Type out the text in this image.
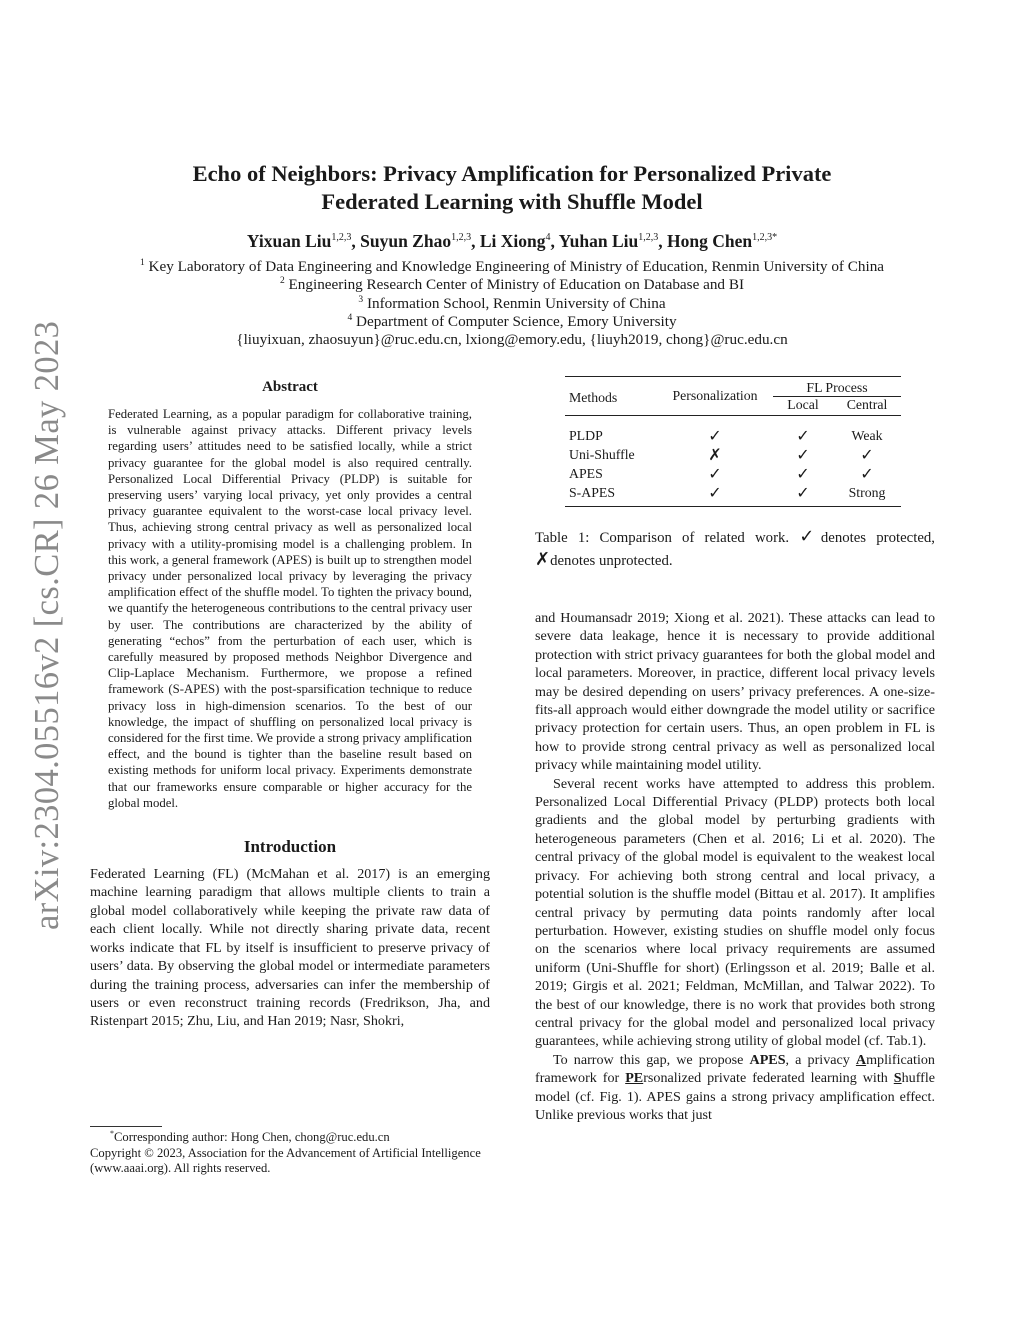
arXiv:2304.05516v2 [cs.CR] 26 May 2023
Echo of Neighbors: Privacy Amplification for Personalized Private
Federated Learning with Shuffle Model
Yixuan Liu$^{1,2,3}$, Suyun Zhao$^{1,2,3}$, Li Xiong$^4$, Yuhan Liu$^{1,2,3}$, Hong Chen$^{1,2,3*}$
$^1$ Key Laboratory of Data Engineering and Knowledge Engineering of Ministry of Education, Renmin University of China
$^2$ Engineering Research Center of Ministry of Education on Database and BI
$^3$ Information School, Renmin University of China
$^4$ Department of Computer Science, Emory University
{liuyixuan, zhaosuyun}@ruc.edu.cn, lxiong@emory.edu, {liuyh2019, chong}@ruc.edu.cn
Abstract

Federated Learning, as a popular paradigm for collaborative training, is vulnerable against privacy attacks. Different privacy levels regarding users’ attitudes need to be satisfied locally, while a strict privacy guarantee for the global model is also required centrally. Personalized Local Differential Privacy (PLDP) is suitable for preserving users’ varying local privacy, yet only provides a central privacy guarantee equivalent to the worst-case local privacy level. Thus, achieving strong central privacy as well as personalized local privacy with a utility-promising model is a challenging problem. In this work, a general framework (APES) is built up to strengthen model privacy under personalized local privacy by leveraging the privacy amplification effect of the shuffle model. To tighten the privacy bound, we quantify the heterogeneous contributions to the central privacy user by user. The contributions are characterized by the ability of generating “echos” from the perturbation of each user, which is carefully measured by proposed methods Neighbor Divergence and Clip-Laplace Mechanism. Furthermore, we propose a refined framework (S-APES) with the post-sparsification technique to reduce privacy loss in high-dimension scenarios. To the best of our knowledge, the impact of shuffling on personalized local privacy is considered for the first time. We provide a strong privacy amplification effect, and the bound is tighter than the baseline result based on existing methods for uniform local privacy. Experiments demonstrate that our frameworks ensure comparable or higher accuracy for the global model.

Introduction

Federated Learning (FL) (McMahan et al. 2017) is an emerging machine learning paradigm that allows multiple clients to train a global model collaboratively while keeping the private raw data of each client locally. While not directly sharing private data, recent works indicate that FL by itself is insufficient to preserve privacy of users’ data. By observing the global model or intermediate parameters during the training process, adversaries can infer the membership of users or even reconstruct training records (Fredrikson, Jha, and Ristenpart 2015; Zhu, Liu, and Han 2019; Nasr, Shokri,

*Corresponding author: Hong Chen, chong@ruc.edu.cn

Copyright © 2023, Association for the Advancement of Artificial Intelligence (www.aaai.org). All rights reserved.

Methods	Personalization	FL Process	
		Local	Central
PLDP	✓	✓	Weak
Uni-Shuffle	✗	✓	✓
APES	✓	✓	✓
S-APES	✓	✓	Strong
Table 1: Comparison of related work. ✓denotes protected, ✗denotes unprotected.

and Houmansadr 2019; Xiong et al. 2021). These attacks can lead to severe data leakage, hence it is necessary to provide additional protection with strict privacy guarantees for both the global model and local parameters. Moreover, in practice, different local privacy levels may be desired depending on users’ privacy preferences. A one-size-fits-all approach would either downgrade the model utility or sacrifice privacy protection for certain users. Thus, an open problem in FL is how to provide strong central privacy as well as personalized local privacy while maintaining model utility.

Several recent works have attempted to address this problem. Personalized Local Differential Privacy (PLDP) protects both local gradients and the global model by perturbing gradients with heterogeneous parameters (Chen et al. 2016; Li et al. 2020). The central privacy of the global model is equivalent to the weakest local privacy. For achieving both strong central and local privacy, a potential solution is the shuffle model (Bittau et al. 2017). It amplifies central privacy by permuting data points randomly after local perturbation. However, existing studies on shuffle model only focus on the scenarios where local privacy requirements are assumed uniform (Uni-Shuffle for short) (Erlingsson et al. 2019; Balle et al. 2019; Girgis et al. 2021; Feldman, McMillan, and Talwar 2022). To the best of our knowledge, there is no work that provides both strong central privacy for the global model and personalized local privacy guarantees, while achieving strong utility of global model (cf. Tab.1).

To narrow this gap, we propose APES, a privacy Amplification framework for PErsonalized private federated learning with Shuffle model (cf. Fig. 1). APES gains a strong privacy amplification effect. Unlike previous works that just
